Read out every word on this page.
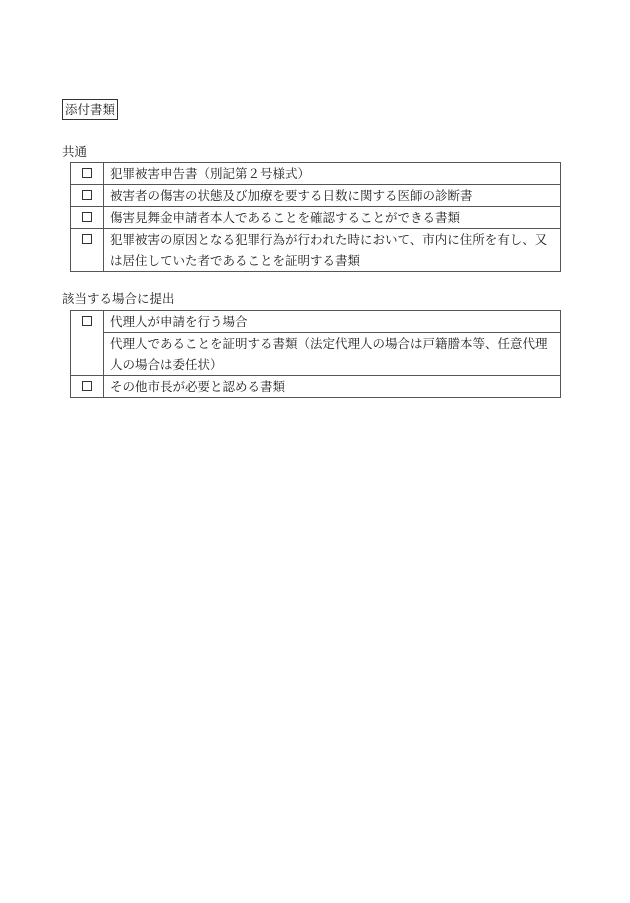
添付書類
共通
	犯罪被害申告書（別記第２号様式）
	被害者の傷害の状態及び加療を要する日数に関する医師の診断書
	傷害見舞金申請者本人であることを確認することができる書類
	犯罪被害の原因となる犯罪行為が行われた時において、市内に住所を有し、又は居住していた者であることを証明する書類
該当する場合に提出
	代理人が申請を行う場合
	代理人であることを証明する書類（法定代理人の場合は戸籍謄本等、任意代理人の場合は委任状）
	その他市長が必要と認める書類
